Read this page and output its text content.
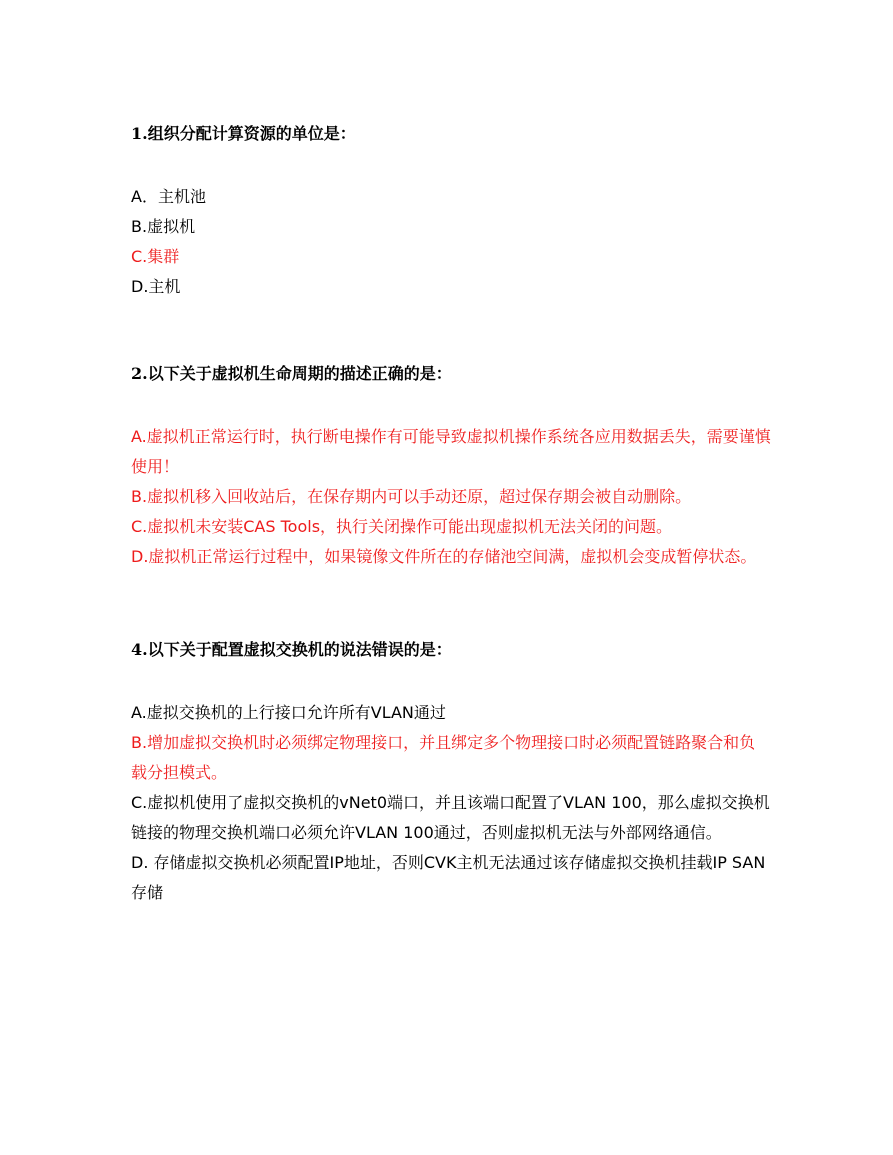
1.组织分配计算资源的单位是：

A．主机池
B.虚拟机
C.集群
D.主机

2.以下关于虚拟机生命周期的描述正确的是：

A.虚拟机正常运行时，执行断电操作有可能导致虚拟机操作系统各应用数据丢失，需要谨慎使用！
B.虚拟机移入回收站后，在保存期内可以手动还原，超过保存期会被自动删除。
C.虚拟机未安装CAS Tools，执行关闭操作可能出现虚拟机无法关闭的问题。
D.虚拟机正常运行过程中，如果镜像文件所在的存储池空间满，虚拟机会变成暂停状态。

4.以下关于配置虚拟交换机的说法错误的是：

A.虚拟交换机的上行接口允许所有VLAN通过
B.增加虚拟交换机时必须绑定物理接口，并且绑定多个物理接口时必须配置链路聚合和负载分担模式。
C.虚拟机使用了虚拟交换机的vNet0端口，并且该端口配置了VLAN 100，那么虚拟交换机链接的物理交换机端口必须允许VLAN 100通过，否则虚拟机无法与外部网络通信。
D. 存储虚拟交换机必须配置IP地址，否则CVK主机无法通过该存储虚拟交换机挂载IP SAN存储
